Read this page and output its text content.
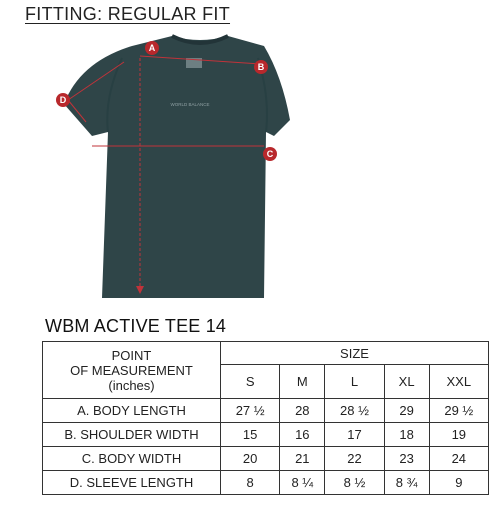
FITTING: REGULAR FIT
WORLD BALANCE
A
B
C
D
WBM ACTIVE TEE 14
POINT
OF MEASUREMENT
(inches)	SIZE				
	S	M	L	XL	XXL
A. BODY LENGTH	27 ½	28	28 ½	29	29 ½
B. SHOULDER WIDTH	15	16	17	18	19
C. BODY WIDTH	20	21	22	23	24
D. SLEEVE LENGTH	8	8 ¼	8 ½	8 ¾	9
